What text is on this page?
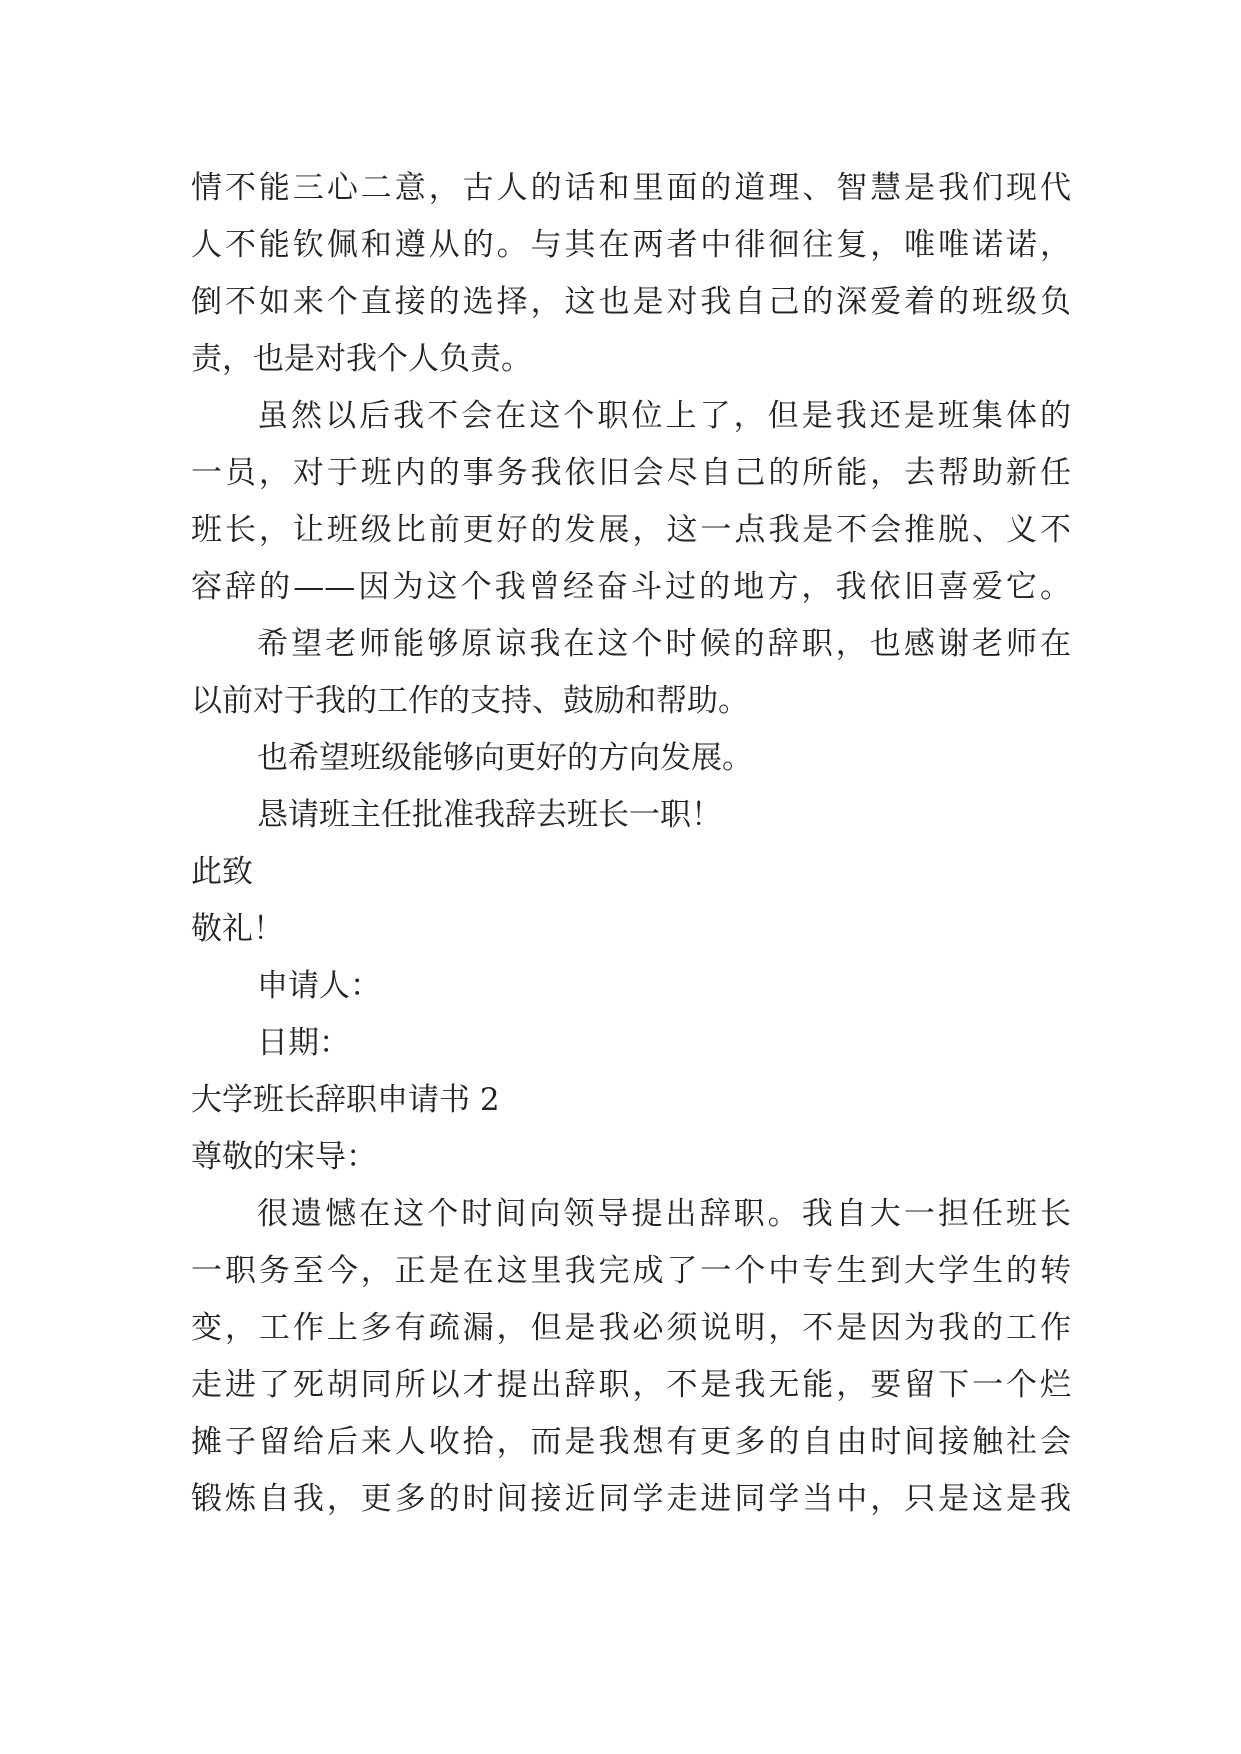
情不能三心二意，古人的话和里面的道理、智慧是我们现代
人不能钦佩和遵从的。与其在两者中徘徊往复，唯唯诺诺，
倒不如来个直接的选择，这也是对我自己的深爱着的班级负
责，也是对我个人负责。
虽然以后我不会在这个职位上了，但是我还是班集体的
一员，对于班内的事务我依旧会尽自己的所能，去帮助新任
班长，让班级比前更好的发展，这一点我是不会推脱、义不
容辞的——因为这个我曾经奋斗过的地方，我依旧喜爱它。
希望老师能够原谅我在这个时候的辞职，也感谢老师在
以前对于我的工作的支持、鼓励和帮助。
也希望班级能够向更好的方向发展。
恳请班主任批准我辞去班长一职！
此致
敬礼！
申请人：
日期：
大学班长辞职申请书 2
尊敬的宋导：
很遗憾在这个时间向领导提出辞职。我自大一担任班长
一职务至今，正是在这里我完成了一个中专生到大学生的转
变，工作上多有疏漏，但是我必须说明，不是因为我的工作
走进了死胡同所以才提出辞职，不是我无能，要留下一个烂
摊子留给后来人收拾，而是我想有更多的自由时间接触社会
锻炼自我，更多的时间接近同学走进同学当中，只是这是我
